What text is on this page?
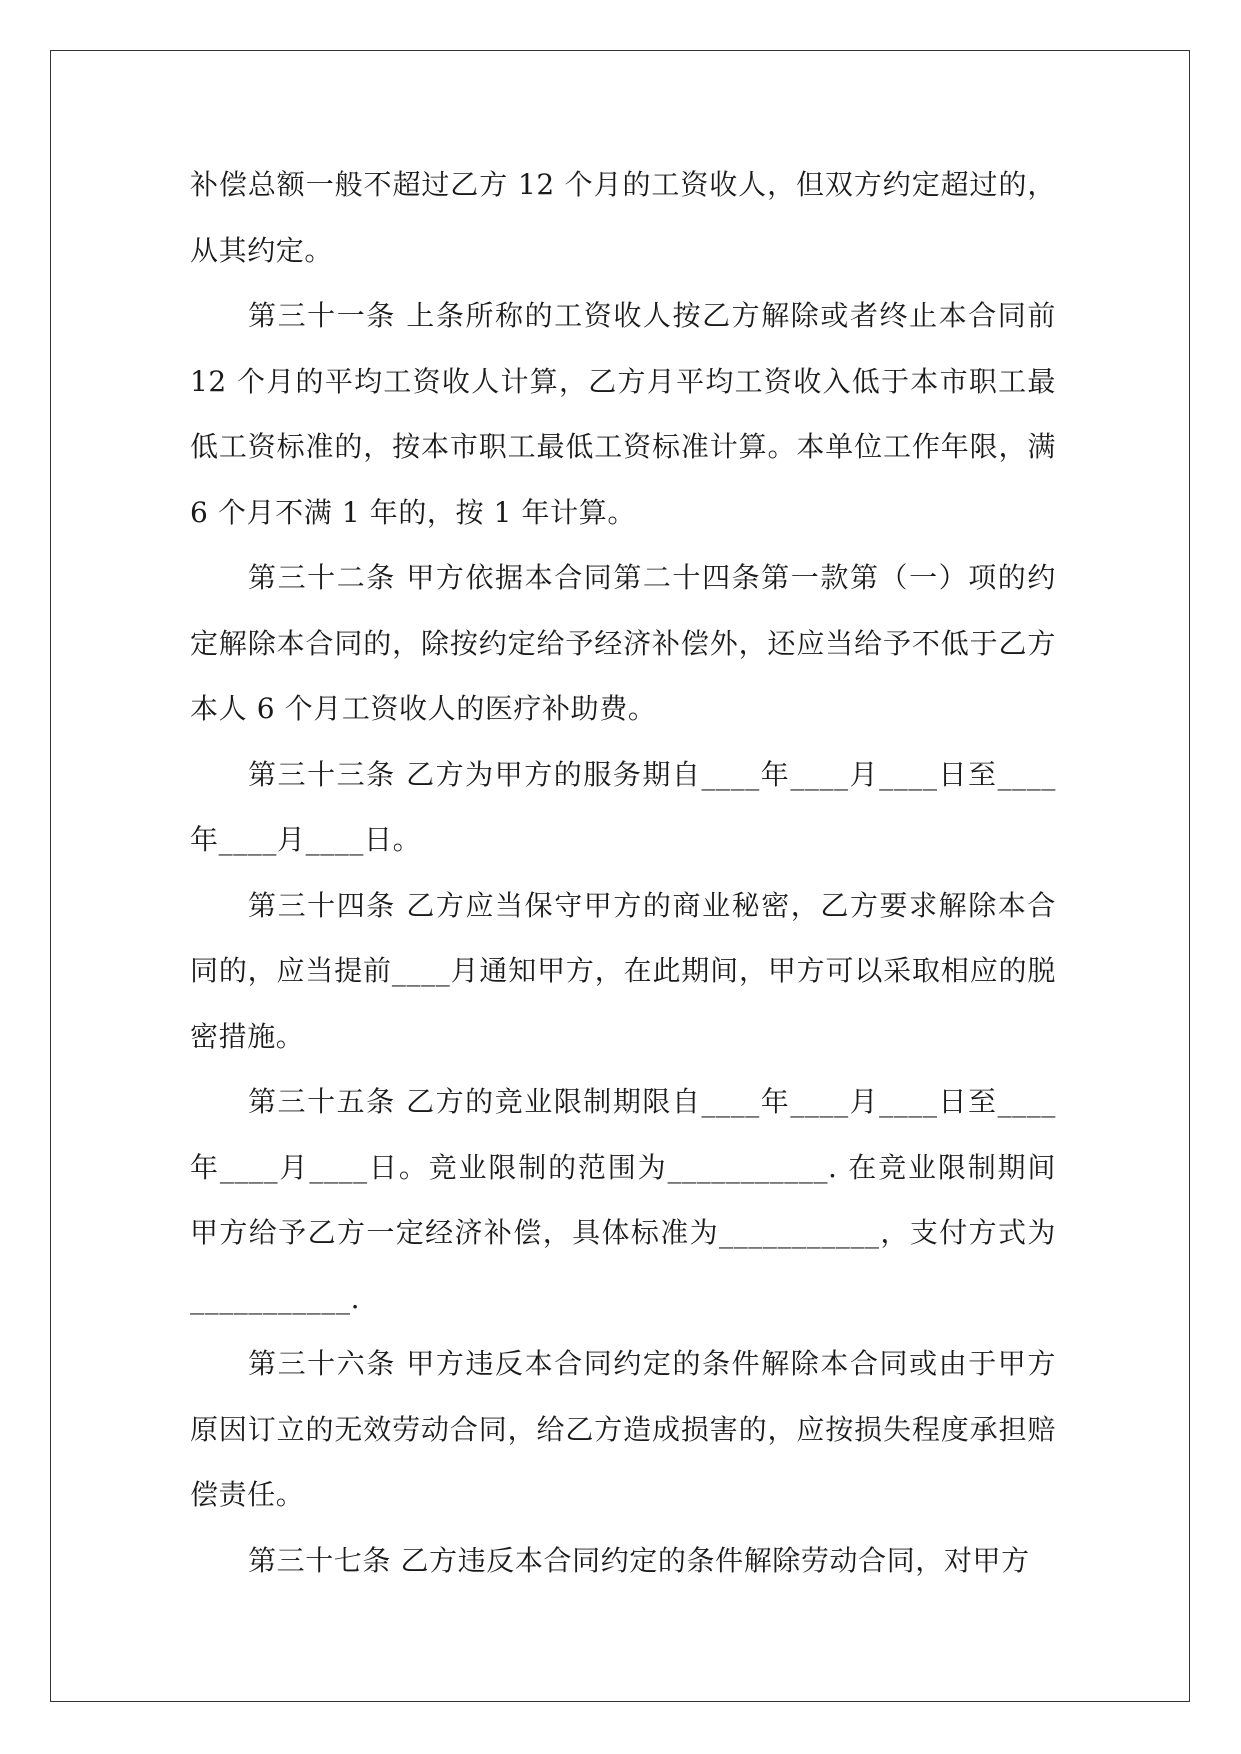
补偿总额一般不超过乙方 12 个月的工资收人，但双方约定超过的，从其约定。

第三十一条 上条所称的工资收人按乙方解除或者终止本合同前 12 个月的平均工资收人计算，乙方月平均工资收入低于本市职工最低工资标准的，按本市职工最低工资标准计算。本单位工作年限，满 6 个月不满 1 年的，按 1 年计算。

第三十二条 甲方依据本合同第二十四条第一款第（一）项的约定解除本合同的，除按约定给予经济补偿外，还应当给予不低于乙方本人 6 个月工资收人的医疗补助费。

第三十三条 乙方为甲方的服务期自____年____月____日至____年____月____日。

第三十四条 乙方应当保守甲方的商业秘密，乙方要求解除本合同的，应当提前____月通知甲方，在此期间，甲方可以采取相应的脱密措施。

第三十五条 乙方的竞业限制期限自____年____月____日至____年____月____日。竞业限制的范围为___________. 在竞业限制期间甲方给予乙方一定经济补偿，具体标准为___________，支付方式为___________.

第三十六条 甲方违反本合同约定的条件解除本合同或由于甲方原因订立的无效劳动合同，给乙方造成损害的，应按损失程度承担赔偿责任。

第三十七条 乙方违反本合同约定的条件解除劳动合同，对甲方
